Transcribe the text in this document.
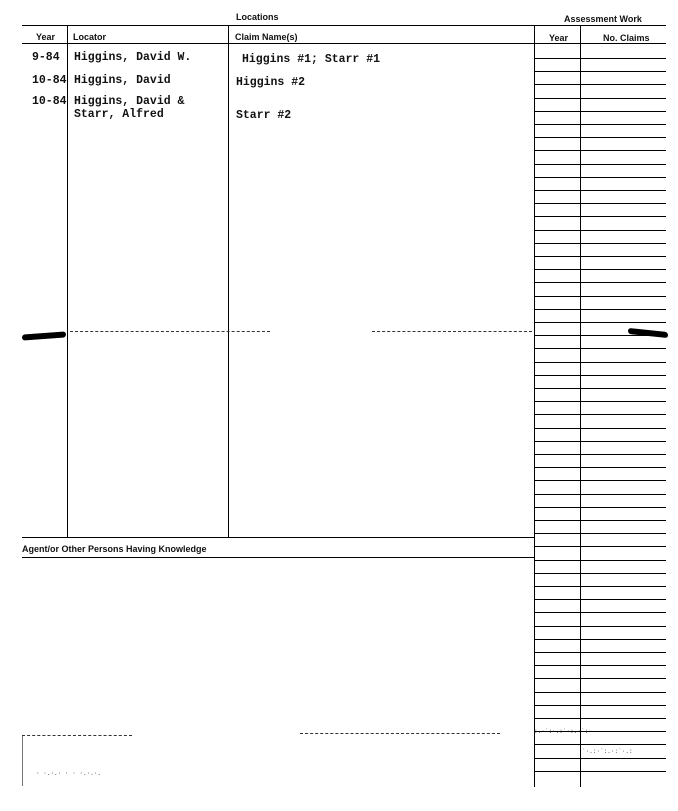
Locations	Assessment Work
Year Locator	Claim Name(s)	Year	No. Claims
9-84 Higgins, David W.	Higgins #1; Starr #1
10-84 Higgins, David	Higgins #2
10-84 Higgins, David &
Starr, Alfred	Starr #2
Agent/or Other Persons Having Knowledge
˙·.:·˙:.·:˙·.:
· ·.·.· · · ·.·.·.
